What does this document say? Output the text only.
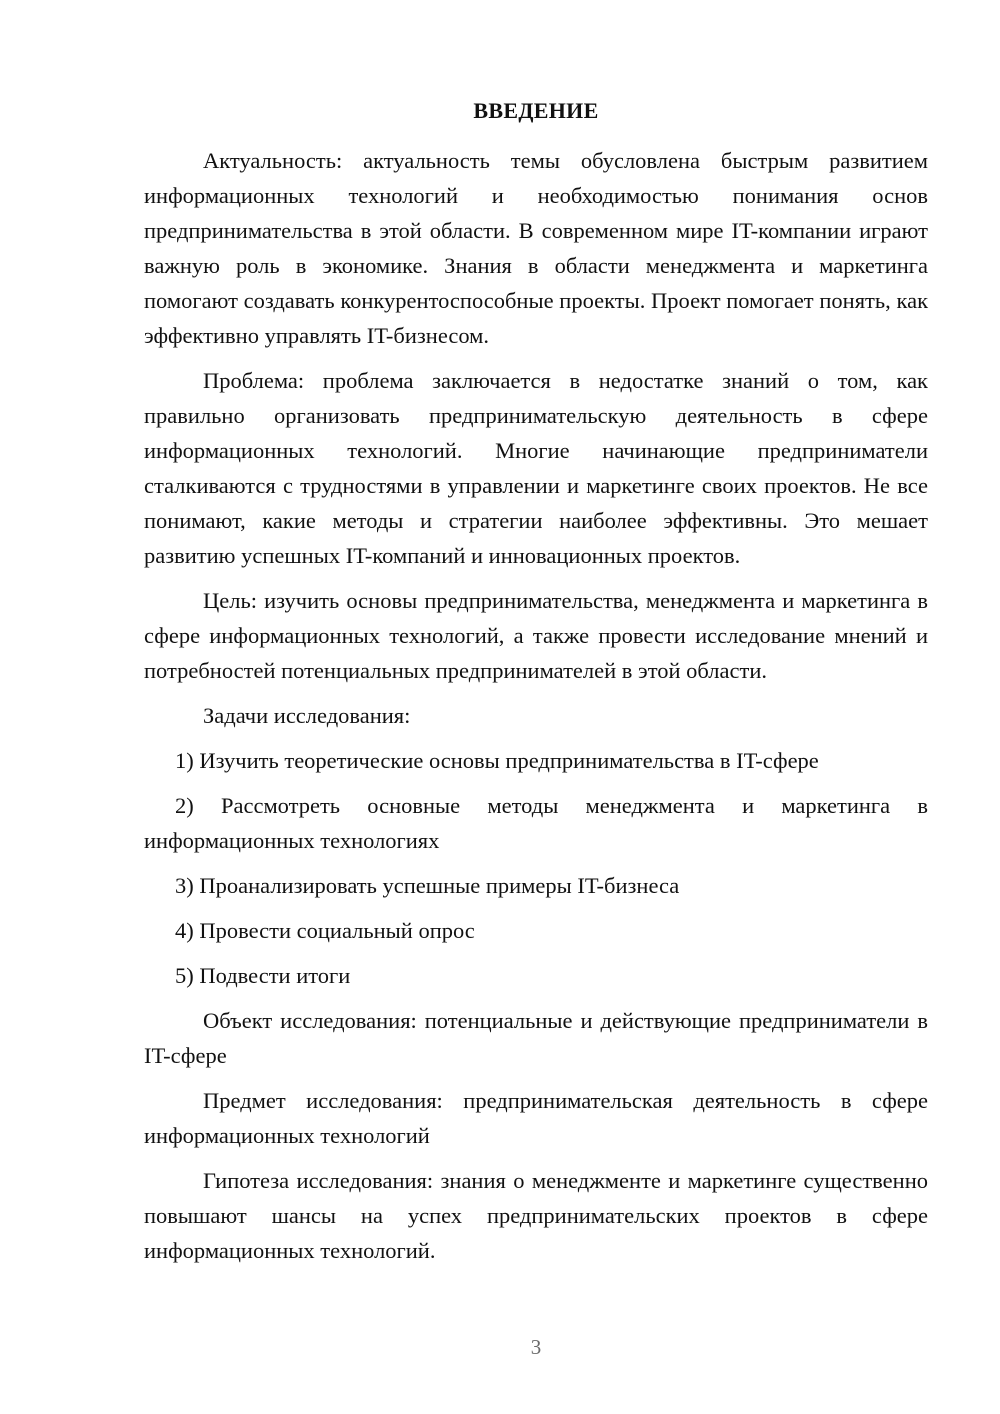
ВВЕДЕНИЕ

Актуальность: актуальность темы обусловлена быстрым развитием информационных технологий и необходимостью понимания основ предпринимательства в этой области. В современном мире IT-компании играют важную роль в экономике. Знания в области менеджмента и маркетинга помогают создавать конкурентоспособные проекты. Проект помогает понять, как эффективно управлять IT-бизнесом.

Проблема: проблема заключается в недостатке знаний о том, как правильно организовать предпринимательскую деятельность в сфере информационных технологий. Многие начинающие предприниматели сталкиваются с трудностями в управлении и маркетинге своих проектов. Не все понимают, какие методы и стратегии наиболее эффективны. Это мешает развитию успешных IT-компаний и инновационных проектов.

Цель: изучить основы предпринимательства, менеджмента и маркетинга в сфере информационных технологий, а также провести исследование мнений и потребностей потенциальных предпринимателей в этой области.

Задачи исследования:

1) Изучить теоретические основы предпринимательства в IT-сфере

2) Рассмотреть основные методы менеджмента и маркетинга в информационных технологиях

3) Проанализировать успешные примеры IT-бизнеса

4) Провести социальный опрос

5) Подвести итоги

Объект исследования: потенциальные и действующие предприниматели в IT-сфере

Предмет исследования: предпринимательская деятельность в сфере информационных технологий

Гипотеза исследования: знания о менеджменте и маркетинге существенно повышают шансы на успех предпринимательских проектов в сфере информационных технологий.

3
